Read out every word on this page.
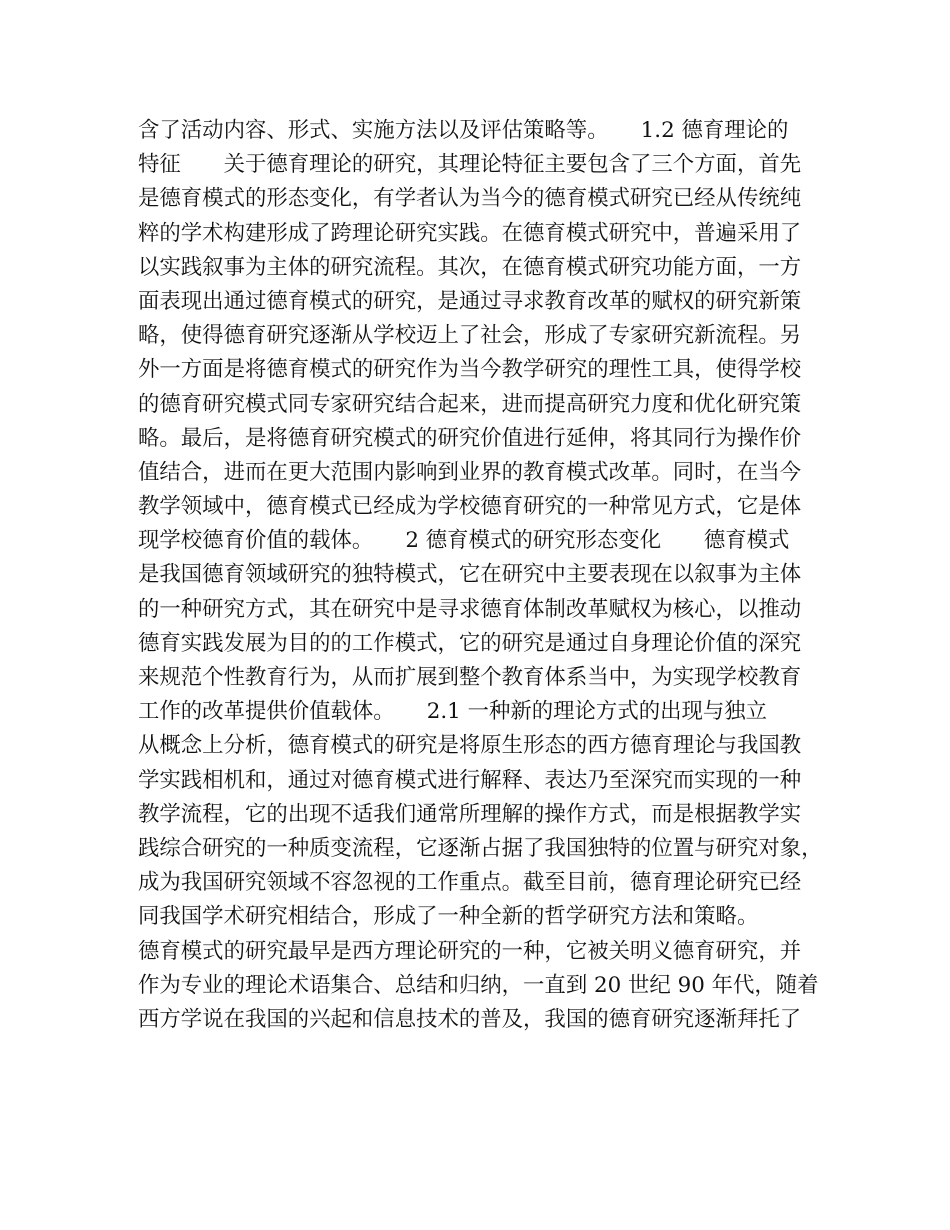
含了活动内容、形式、实施方法以及评估策略等。　　1.2 德育理论的
特征　　关于德育理论的研究，其理论特征主要包含了三个方面，首先
是德育模式的形态变化，有学者认为当今的德育模式研究已经从传统纯
粹的学术构建形成了跨理论研究实践。在德育模式研究中，普遍采用了
以实践叙事为主体的研究流程。其次，在德育模式研究功能方面，一方
面表现出通过德育模式的研究，是通过寻求教育改革的赋权的研究新策
略，使得德育研究逐渐从学校迈上了社会，形成了专家研究新流程。另
外一方面是将德育模式的研究作为当今教学研究的理性工具，使得学校
的德育研究模式同专家研究结合起来，进而提高研究力度和优化研究策
略。最后，是将德育研究模式的研究价值进行延伸，将其同行为操作价
值结合，进而在更大范围内影响到业界的教育模式改革。同时，在当今
教学领域中，德育模式已经成为学校德育研究的一种常见方式，它是体
现学校德育价值的载体。　　2 德育模式的研究形态变化　　德育模式
是我国德育领域研究的独特模式，它在研究中主要表现在以叙事为主体
的一种研究方式，其在研究中是寻求德育体制改革赋权为核心，以推动
德育实践发展为目的的工作模式，它的研究是通过自身理论价值的深究
来规范个性教育行为，从而扩展到整个教育体系当中，为实现学校教育
工作的改革提供价值载体。　　2.1 一种新的理论方式的出现与独立
从概念上分析，德育模式的研究是将原生形态的西方德育理论与我国教
学实践相机和，通过对德育模式进行解释、表达乃至深究而实现的一种
教学流程，它的出现不适我们通常所理解的操作方式，而是根据教学实
践综合研究的一种质变流程，它逐渐占据了我国独特的位置与研究对象，
成为我国研究领域不容忽视的工作重点。截至目前，德育理论研究已经
同我国学术研究相结合，形成了一种全新的哲学研究方法和策略。
德育模式的研究最早是西方理论研究的一种，它被关明义德育研究，并
作为专业的理论术语集合、总结和归纳，一直到 20 世纪 90 年代，随着
西方学说在我国的兴起和信息技术的普及，我国的德育研究逐渐拜托了
